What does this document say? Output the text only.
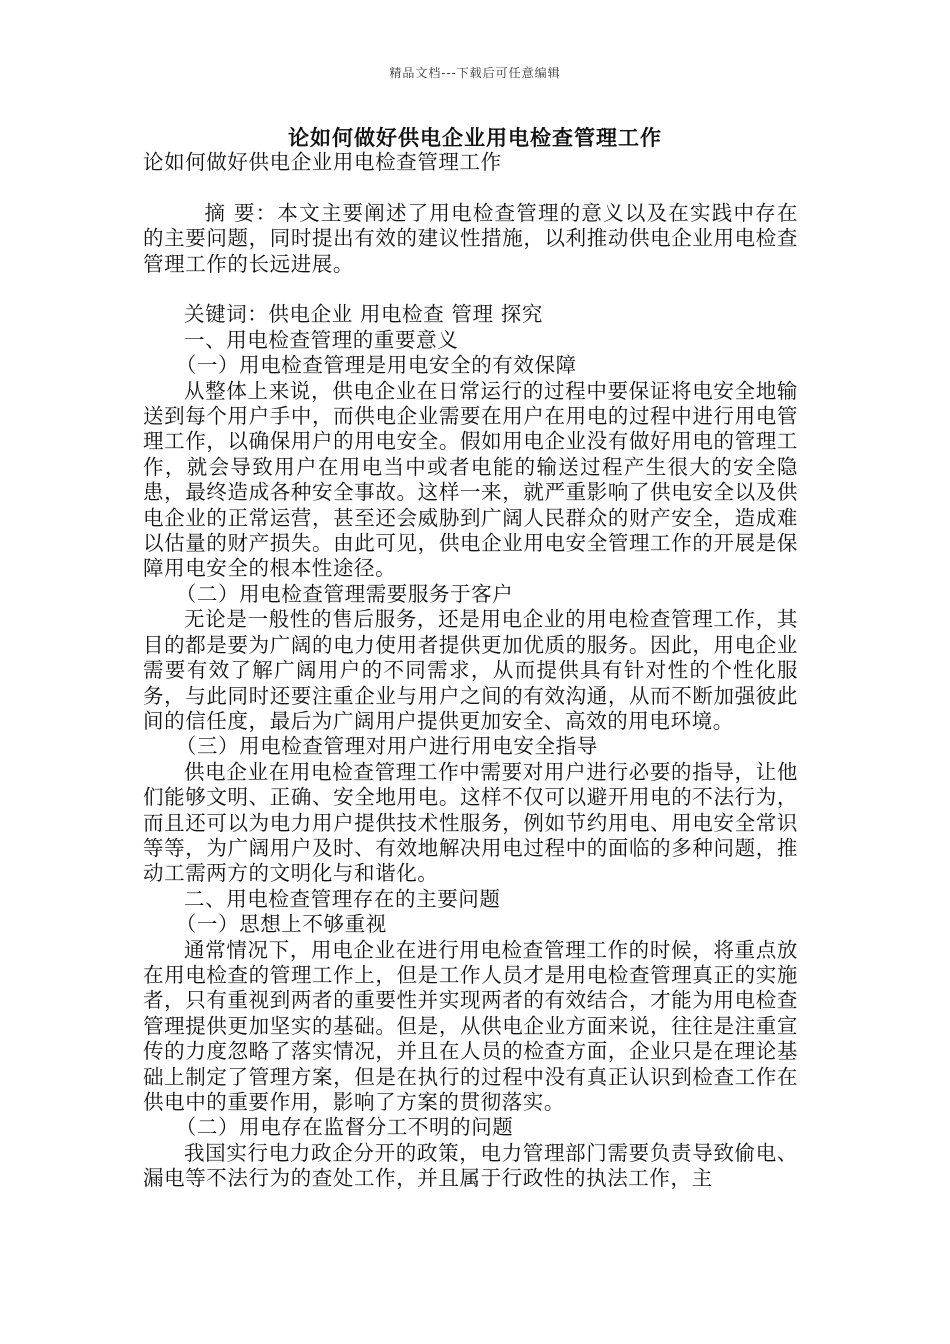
精品文档---下载后可任意编辑
论如何做好供电企业用电检查管理工作

论如何做好供电企业用电检查管理工作

摘 要：本文主要阐述了用电检查管理的意义以及在实践中存在的主要问题，同时提出有效的建议性措施，以利推动供电企业用电检查管理工作的长远进展。

关键词：供电企业 用电检查 管理 探究

一、用电检查管理的重要意义

（一）用电检查管理是用电安全的有效保障

从整体上来说，供电企业在日常运行的过程中要保证将电安全地输送到每个用户手中，而供电企业需要在用户在用电的过程中进行用电管理工作，以确保用户的用电安全。假如用电企业没有做好用电的管理工作，就会导致用户在用电当中或者电能的输送过程产生很大的安全隐患，最终造成各种安全事故。这样一来，就严重影响了供电安全以及供电企业的正常运营，甚至还会威胁到广阔人民群众的财产安全，造成难以估量的财产损失。由此可见，供电企业用电安全管理工作的开展是保障用电安全的根本性途径。

（二）用电检查管理需要服务于客户

无论是一般性的售后服务，还是用电企业的用电检查管理工作，其目的都是要为广阔的电力使用者提供更加优质的服务。因此，用电企业需要有效了解广阔用户的不同需求，从而提供具有针对性的个性化服务，与此同时还要注重企业与用户之间的有效沟通，从而不断加强彼此间的信任度，最后为广阔用户提供更加安全、高效的用电环境。

（三）用电检查管理对用户进行用电安全指导

供电企业在用电检查管理工作中需要对用户进行必要的指导，让他们能够文明、正确、安全地用电。这样不仅可以避开用电的不法行为，而且还可以为电力用户提供技术性服务，例如节约用电、用电安全常识等等，为广阔用户及时、有效地解决用电过程中的面临的多种问题，推动工需两方的文明化与和谐化。

二、用电检查管理存在的主要问题

（一）思想上不够重视

通常情况下，用电企业在进行用电检查管理工作的时候，将重点放在用电检查的管理工作上，但是工作人员才是用电检查管理真正的实施者，只有重视到两者的重要性并实现两者的有效结合，才能为用电检查管理提供更加坚实的基础。但是，从供电企业方面来说，往往是注重宣传的力度忽略了落实情况，并且在人员的检查方面，企业只是在理论基础上制定了管理方案，但是在执行的过程中没有真正认识到检查工作在供电中的重要作用，影响了方案的贯彻落实。

（二）用电存在监督分工不明的问题

我国实行电力政企分开的政策，电力管理部门需要负责导致偷电、漏电等不法行为的查处工作，并且属于行政性的执法工作，主
